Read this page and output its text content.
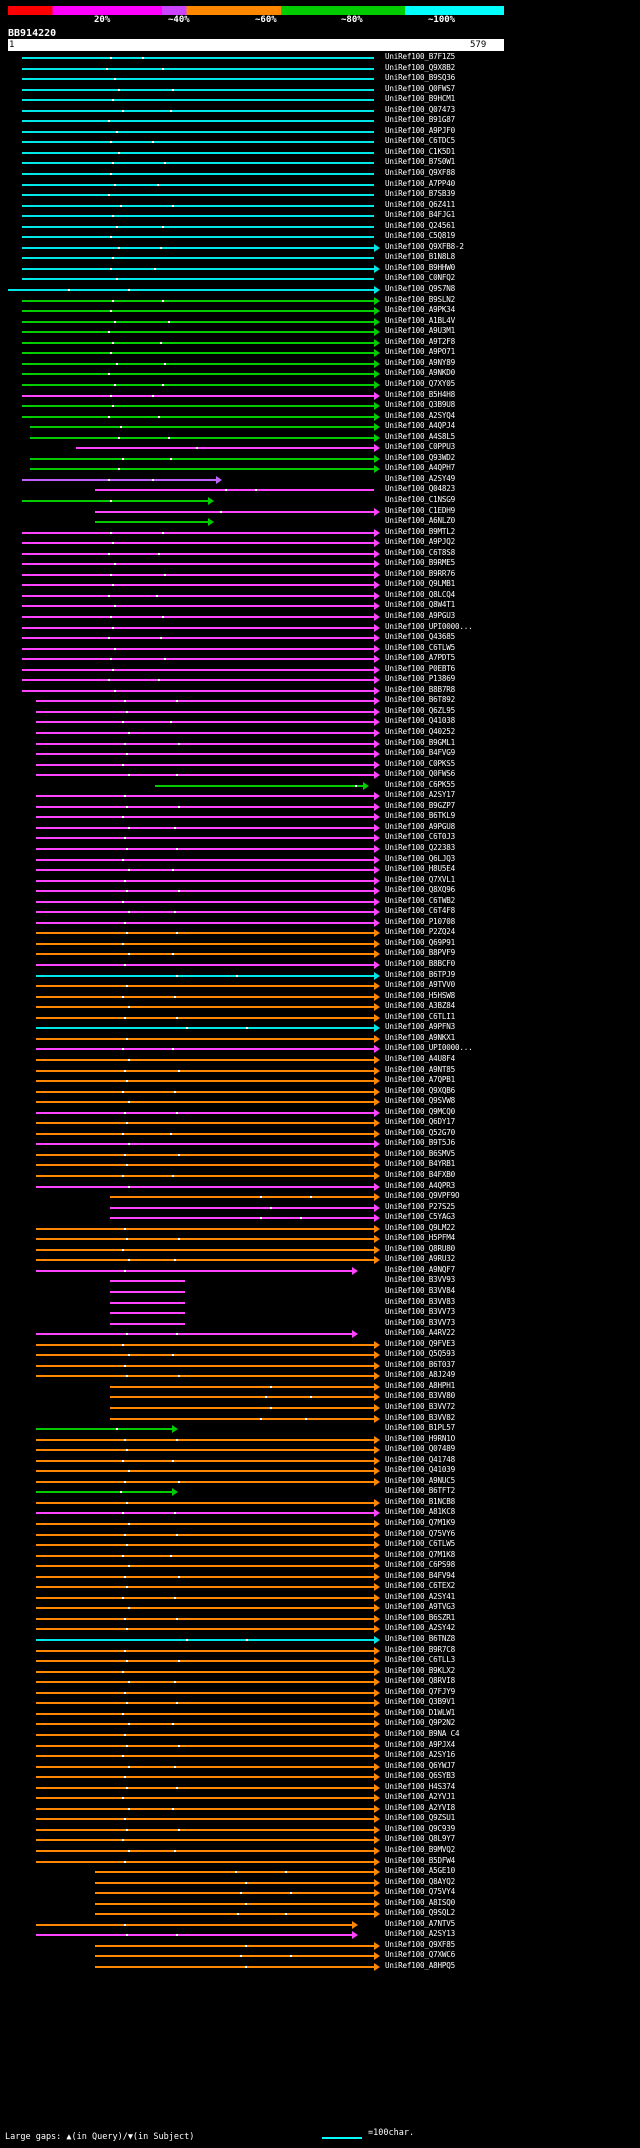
20%	~40%	~60%	~80%	~100%
BB914220
1	579
UniRef100_B7F1Z5
UniRef100_Q9X8B2
UniRef100_B9SQ36
UniRef100_Q0FWS7
UniRef100_B9HCM1
UniRef100_Q07473
UniRef100_B91G87
UniRef100_A9PJF0
UniRef100_C6TDC5
UniRef100_C1K5D1
UniRef100_B7S0W1
UniRef100_Q9XF88
UniRef100_A7PP40
UniRef100_B7SB39
UniRef100_Q6Z411
UniRef100_B4FJG1
UniRef100_Q24561
UniRef100_C5Q819
UniRef100_Q9XFB8-2
UniRef100_B1N8L8
UniRef100_B9HHW0
UniRef100_C0NFQ2
UniRef100_Q9S7N8
UniRef100_B9SLN2
UniRef100_A9PK34
UniRef100_A1BL4V
UniRef100_A9U3M1
UniRef100_A9T2F8
UniRef100_A9PO71
UniRef100_A9NY89
UniRef100_A9NKD0
UniRef100_Q7XY05
UniRef100_B5H4H8
UniRef100_Q3B9U8
UniRef100_A2SYQ4
UniRef100_A4QPJ4
UniRef100_A4S8L5
UniRef100_C0PPU3
UniRef100_Q93WD2
UniRef100_A4QPH7
UniRef100_A2SY49
UniRef100_Q04823
UniRef100_C1NSG9
UniRef100_C1EDH9
UniRef100_A6NLZ0
UniRef100_B9MTL2
UniRef100_A9PJQ2
UniRef100_C6T8S8
UniRef100_B9RME5
UniRef100_B9RR76
UniRef100_Q9LMB1
UniRef100_Q8LCQ4
UniRef100_Q8W4T1
UniRef100_A9PGU3
UniRef100_UPI0000...
UniRef100_Q43685
UniRef100_C6TLW5
UniRef100_A7PDT5
UniRef100_P0EBT6
UniRef100_P13869
UniRef100_B8B7R8
UniRef100_B6T892
UniRef100_Q6ZL95
UniRef100_Q41038
UniRef100_Q40252
UniRef100_B9GML1
UniRef100_B4FVG9
UniRef100_C0PKS5
UniRef100_Q0FWS6
UniRef100_C6PK55
UniRef100_A2SY17
UniRef100_B9GZP7
UniRef100_B6TKL9
UniRef100_A9PGU8
UniRef100_C6T0J3
UniRef100_Q22383
UniRef100_Q6LJQ3
UniRef100_H8U5E4
UniRef100_Q7XVL1
UniRef100_Q8XQ96
UniRef100_C6TWB2
UniRef100_C6T4F8
UniRef100_P10708
UniRef100_P2ZQ24
UniRef100_Q69P91
UniRef100_B8PVF9
UniRef100_B8BCF0
UniRef100_B6TPJ9
UniRef100_A9TVV0
UniRef100_H5HSW8
UniRef100_A3BZ84
UniRef100_C6TLI1
UniRef100_A9PFN3
UniRef100_A9NKX1
UniRef100_UPI0000...
UniRef100_A4U8F4
UniRef100_A9NT85
UniRef100_A7QPB1
UniRef100_Q9XQB6
UniRef100_Q9SVW8
UniRef100_Q9MCQ0
UniRef100_Q6DY17
UniRef100_Q52G70
UniRef100_B9T5J6
UniRef100_B6SMV5
UniRef100_B4YRB1
UniRef100_B4FXB0
UniRef100_A4QPR3
UniRef100_Q9VPF9O
UniRef100_P27S25
UniRef100_C5YAG3
UniRef100_Q9LM22
UniRef100_H5PFM4
UniRef100_Q8RU80
UniRef100_A9RU32
UniRef100_A9NQF7
UniRef100_B3VV93
UniRef100_B3VV84
UniRef100_B3VV83
UniRef100_B3VV73
UniRef100_B3VV73
UniRef100_A4RV22
UniRef100_Q9FVE3
UniRef100_Q5Q593
UniRef100_B6T037
UniRef100_A8J249
UniRef100_A8HPH1
UniRef100_B3VV80
UniRef100_B3VV72
UniRef100_B3VV82
UniRef100_B1PL57
UniRef100_H9RN1O
UniRef100_Q07489
UniRef100_Q41748
UniRef100_Q41039
UniRef100_A9NUC5
UniRef100_B6TFT2
UniRef100_B1NCB8
UniRef100_A81KC8
UniRef100_Q7M1K9
UniRef100_Q75VY6
UniRef100_C6TLW5
UniRef100_Q7M1K8
UniRef100_C6PS98
UniRef100_B4FV94
UniRef100_C6TEX2
UniRef100_A2SY41
UniRef100_A9TVG3
UniRef100_B6SZR1
UniRef100_A2SY42
UniRef100_B6TNZ8
UniRef100_B9R7C8
UniRef100_C6TLL3
UniRef100_B9KLX2
UniRef100_Q8RVI8
UniRef100_Q7FJY9
UniRef100_Q3B9V1
UniRef100_D1WLW1
UniRef100_Q9P2N2
UniRef100_B9NA C4
UniRef100_A9PJX4
UniRef100_A2SY16
UniRef100_Q6YWJ7
UniRef100_Q6SYB3
UniRef100_H4S374
UniRef100_A2YVJ1
UniRef100_A2YVI8
UniRef100_Q9ZSU1
UniRef100_Q9C939
UniRef100_Q8L9Y7
UniRef100_B9MVQ2
UniRef100_B5DFW4
UniRef100_A5GE10
UniRef100_Q8AYQ2
UniRef100_Q75VY4
UniRef100_A8ISQ0
UniRef100_Q9SQL2
UniRef100_A7NTV5
UniRef100_A2SY13
UniRef100_Q9XF85
UniRef100_Q7XWC6
UniRef100_A8HPQ5
Large gaps: ▲(in Query)/▼(in Subject)	=100char.
